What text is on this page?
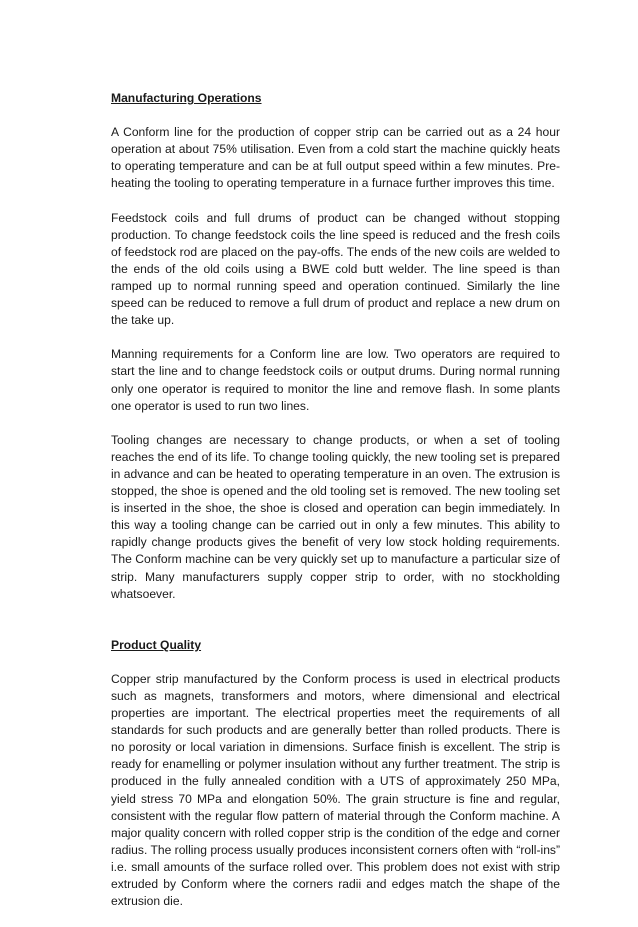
Manufacturing Operations

A Conform line for the production of copper strip can be carried out as a 24 hour operation at about 75% utilisation. Even from a cold start the machine quickly heats to operating temperature and can be at full output speed within a few minutes. Pre-heating the tooling to operating temperature in a furnace further improves this time.

Feedstock coils and full drums of product can be changed without stopping production. To change feedstock coils the line speed is reduced and the fresh coils of feedstock rod are placed on the pay-offs. The ends of the new coils are welded to the ends of the old coils using a BWE cold butt welder. The line speed is than ramped up to normal running speed and operation continued. Similarly the line speed can be reduced to remove a full drum of product and replace a new drum on the take up.

Manning requirements for a Conform line are low. Two operators are required to start the line and to change feedstock coils or output drums. During normal running only one operator is required to monitor the line and remove flash. In some plants one operator is used to run two lines.

Tooling changes are necessary to change products, or when a set of tooling reaches the end of its life. To change tooling quickly, the new tooling set is prepared in advance and can be heated to operating temperature in an oven. The extrusion is stopped, the shoe is opened and the old tooling set is removed. The new tooling set is inserted in the shoe, the shoe is closed and operation can begin immediately. In this way a tooling change can be carried out in only a few minutes. This ability to rapidly change products gives the benefit of very low stock holding requirements. The Conform machine can be very quickly set up to manufacture a particular size of strip. Many manufacturers supply copper strip to order, with no stockholding whatsoever.

Product Quality

Copper strip manufactured by the Conform process is used in electrical products such as magnets, transformers and motors, where dimensional and electrical properties are important. The electrical properties meet the requirements of all standards for such products and are generally better than rolled products. There is no porosity or local variation in dimensions. Surface finish is excellent. The strip is ready for enamelling or polymer insulation without any further treatment. The strip is produced in the fully annealed condition with a UTS of approximately 250 MPa, yield stress 70 MPa and elongation 50%. The grain structure is fine and regular, consistent with the regular flow pattern of material through the Conform machine. A major quality concern with rolled copper strip is the condition of the edge and corner radius. The rolling process usually produces inconsistent corners often with “roll-ins” i.e. small amounts of the surface rolled over. This problem does not exist with strip extruded by Conform where the corners radii and edges match the shape of the extrusion die.
